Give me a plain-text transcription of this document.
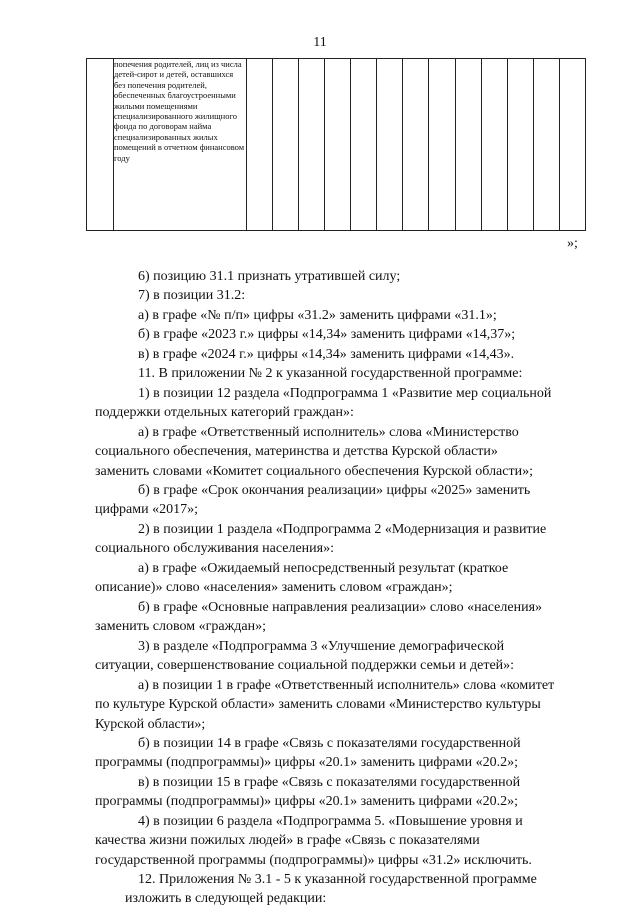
11
	попечения родителей, лиц из числа детей-сирот и детей, оставшихся без попечения родителей, обеспеченных благоустроенными жилыми помещениями специализированного жилищного фонда по договорам найма специализированных жилых помещений в отчетном финансовом году													
»;
6) позицию 31.1 признать утратившей силу;
7) в позиции 31.2:
а) в графе «№ п/п» цифры «31.2» заменить цифрами «31.1»;
б) в графе «2023 г.» цифры «14,34» заменить цифрами «14,37»;
в) в графе «2024 г.» цифры «14,34» заменить цифрами «14,43».
11. В приложении № 2 к указанной государственной программе:
1) в позиции 12 раздела «Подпрограмма 1 «Развитие мер социальной
поддержки отдельных категорий граждан»:
а) в графе «Ответственный исполнитель» слова «Министерство
социального обеспечения, материнства и детства Курской области»
заменить словами «Комитет социального обеспечения Курской области»;
б) в графе «Срок окончания реализации» цифры «2025» заменить
цифрами «2017»;
2) в позиции 1 раздела «Подпрограмма 2 «Модернизация и развитие
социального обслуживания населения»:
а) в графе «Ожидаемый непосредственный результат (краткое
описание)» слово «населения» заменить словом «граждан»;
б) в графе «Основные направления реализации» слово «населения»
заменить словом «граждан»;
3) в разделе «Подпрограмма 3 «Улучшение демографической
ситуации, совершенствование социальной поддержки семьи и детей»:
а) в позиции 1 в графе «Ответственный исполнитель» слова «комитет
по культуре Курской области» заменить словами «Министерство культуры
Курской области»;
б) в позиции 14 в графе «Связь с показателями государственной
программы (подпрограммы)» цифры «20.1» заменить цифрами «20.2»;
в) в позиции 15 в графе «Связь с показателями государственной
программы (подпрограммы)» цифры «20.1» заменить цифрами «20.2»;
4) в позиции 6 раздела «Подпрограмма 5. «Повышение уровня и
качества жизни пожилых людей» в графе «Связь с показателями
государственной программы (подпрограммы)» цифры «31.2» исключить.
12. Приложения № 3.1 - 5 к указанной государственной программе
изложить в следующей редакции:
